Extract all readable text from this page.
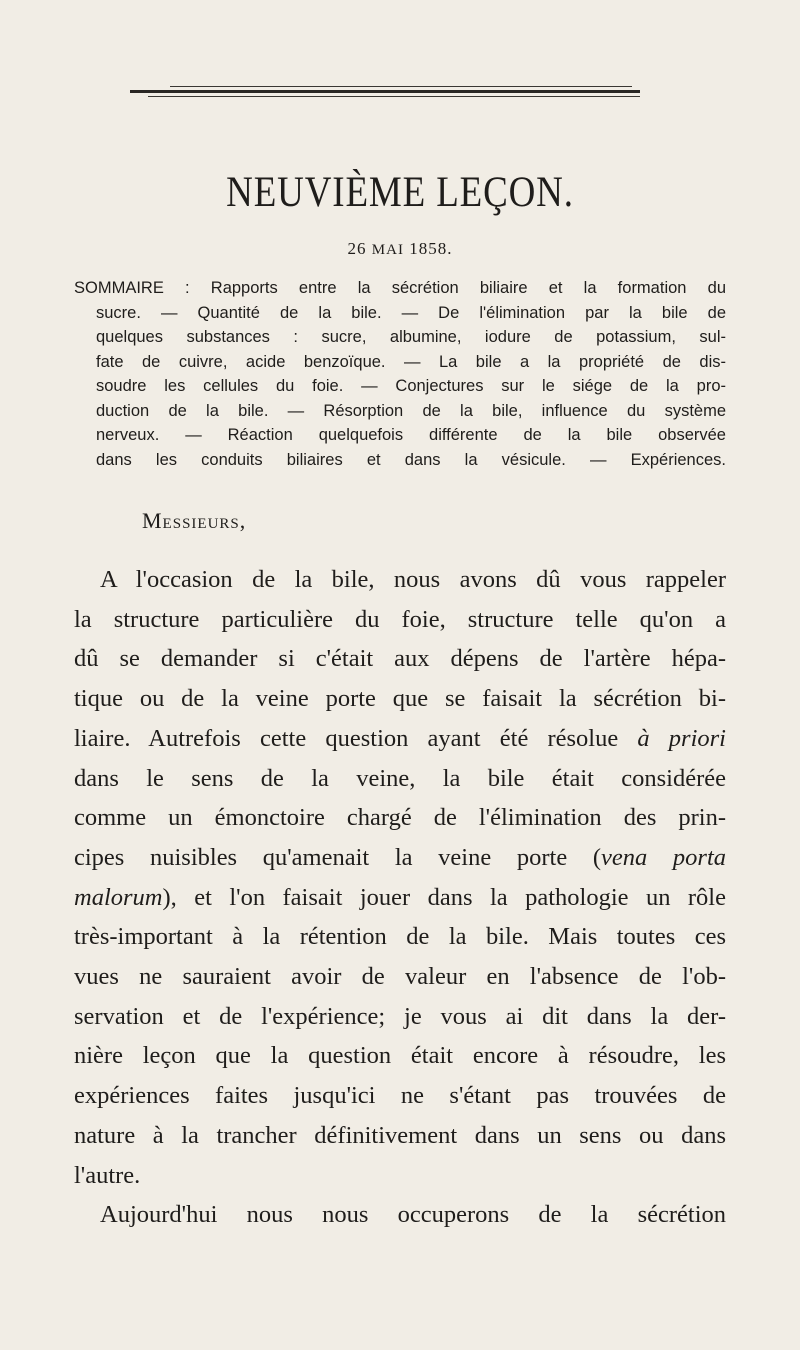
NEUVIÈME LEÇON.
26 MAI 1858.
SOMMAIRE : Rapports entre la sécrétion biliaire et la formation du
sucre. — Quantité de la bile. — De l'élimination par la bile de
quelques substances : sucre, albumine, iodure de potassium, sul-
fate de cuivre, acide benzoïque. — La bile a la propriété de dis-
soudre les cellules du foie. — Conjectures sur le siége de la pro-
duction de la bile. — Résorption de la bile, influence du système
nerveux. — Réaction quelquefois différente de la bile observée
dans les conduits biliaires et dans la vésicule. — Expériences.
Messieurs,
A l'occasion de la bile, nous avons dû vous rappeler
la structure particulière du foie, structure telle qu'on a
dû se demander si c'était aux dépens de l'artère hépa-
tique ou de la veine porte que se faisait la sécrétion bi-
liaire. Autrefois cette question ayant été résolue à priori
dans le sens de la veine, la bile était considérée
comme un émonctoire chargé de l'élimination des prin-
cipes nuisibles qu'amenait la veine porte (vena porta
malorum), et l'on faisait jouer dans la pathologie un rôle
très-important à la rétention de la bile. Mais toutes ces
vues ne sauraient avoir de valeur en l'absence de l'ob-
servation et de l'expérience; je vous ai dit dans la der-
nière leçon que la question était encore à résoudre, les
expériences faites jusqu'ici ne s'étant pas trouvées de
nature à la trancher définitivement dans un sens ou dans
l'autre.
Aujourd'hui nous nous occuperons de la sécrétion
